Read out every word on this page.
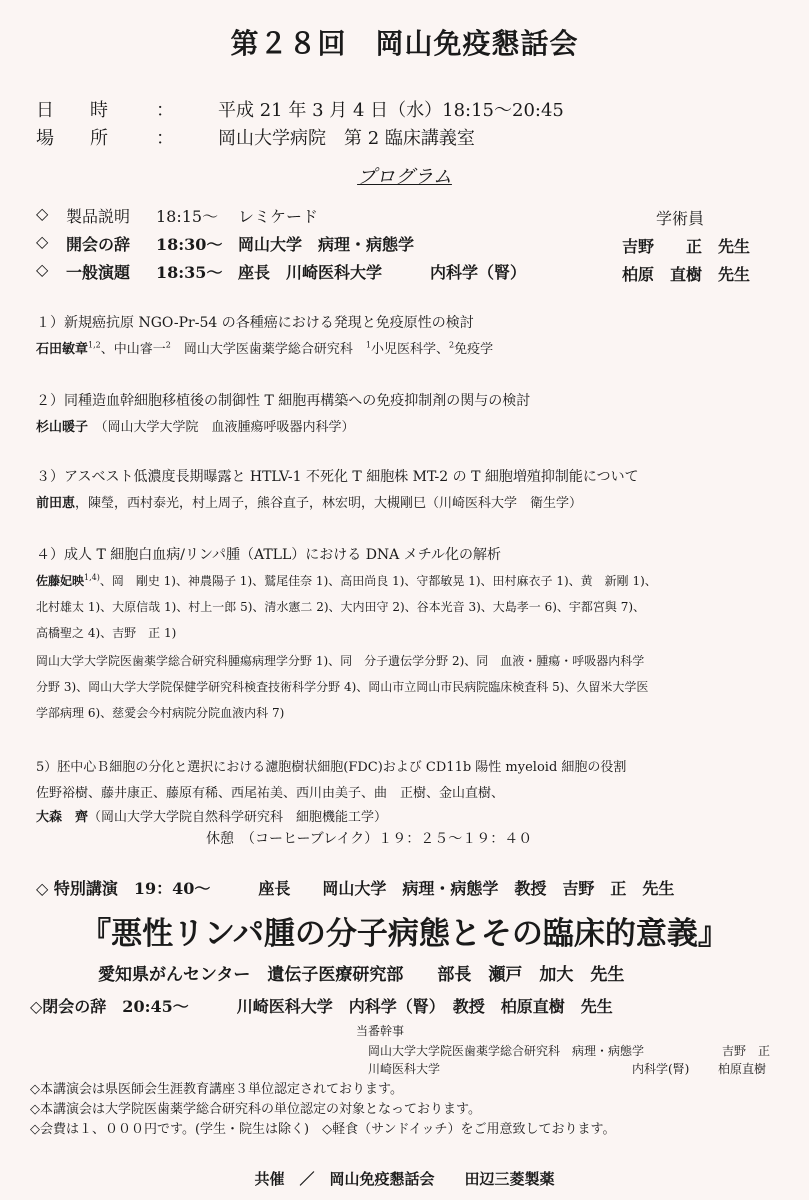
第２８回　岡山免疫懇話会
日　　時	： 平成 21 年 3 月 4 日（水）18:15〜20:45
場　　所	： 岡山大学病院　第 2 臨床講義室
プログラム
◇ 製品説明 18:15〜 レミケード	学術員
◇ 開会の辞 18:30〜 岡山大学　病理・病態学	吉野　　正　先生
◇ 一般演題 18:35〜 座長　川崎医科大学　　　内科学（腎）	柏原　直樹　先生
１）新規癌抗原 NGO-Pr-54 の各種癌における発現と免疫原性の検討
石田敏章$^{1,2}$、中山睿一$^2$　岡山大学医歯薬学総合研究科　$^1$小児医科学、$^2$免疫学
２）同種造血幹細胞移植後の制御性 T 細胞再構築への免疫抑制剤の関与の検討
杉山暖子　 （岡山大学大学院　血液腫瘍呼吸器内科学）
３）アスベスト低濃度長期曝露と HTLV-1 不死化 T 細胞株 MT-2 の T 細胞増殖抑制能について
前田恵，陳瑩，西村泰光，村上周子，熊谷直子，林宏明，大槻剛巳（川崎医科大学　衛生学）
４）成人 T 細胞白血病/リンパ腫（ATLL）における DNA メチル化の解析
佐藤妃映$^{1,4)}$、岡　剛史 1)、神農陽子 1)、鷲尾佳奈 1)、高田尚良 1)、守都敏晃 1)、田村麻衣子 1)、黄　新剛 1)、
北村雄太 1)、大原信哉 1)、村上一郎 5)、清水憲二 2)、大内田守 2)、谷本光音 3)、大島孝一 6)、宇都宮與 7)、
高橋聖之 4)、吉野　正 1)
岡山大学大学院医歯薬学総合研究科腫瘍病理学分野 1)、同　分子遺伝学分野 2)、同　血液・腫瘍・呼吸器内科学
分野 3)、岡山大学大学院保健学研究科検査技術科学分野 4)、岡山市立岡山市民病院臨床検査科 5)、久留米大学医
学部病理 6)、慈愛会今村病院分院血液内科 7)
5）胚中心Ｂ細胞の分化と選択における濾胞樹状細胞(FDC)および CD11b 陽性 myeloid 細胞の役割
佐野裕樹、藤井康正、藤原有稀、西尾祐美、西川由美子、曲　正樹、金山直樹、
大森　齊（岡山大学大学院自然科学研究科　細胞機能工学）
休憩　（コーヒーブレイク）１９：２５〜１９：４０
◇ 特別講演　19：40〜　　　座長　　岡山大学　病理・病態学　教授　吉野　正　先生
『悪性リンパ腫の分子病態とその臨床的意義』
愛知県がんセンター　遺伝子医療研究部　　部長　瀬戸　加大　先生
◇閉会の辞　20:45〜　　　川崎医科大学　内科学（腎）　教授　柏原直樹　先生
当番幹事
岡山大学大学院医歯薬学総合研究科　病理・病態学	吉野　正
川崎医科大学	内科学(腎) 柏原直樹
◇本講演会は県医師会生涯教育講座３単位認定されております。
◇本講演会は大学院医歯薬学総合研究科の単位認定の対象となっております。
◇会費は１、０００円です。(学生・院生は除く)　◇軽食（サンドイッチ）をご用意致しております。
共催　／　岡山免疫懇話会　　田辺三菱製薬
